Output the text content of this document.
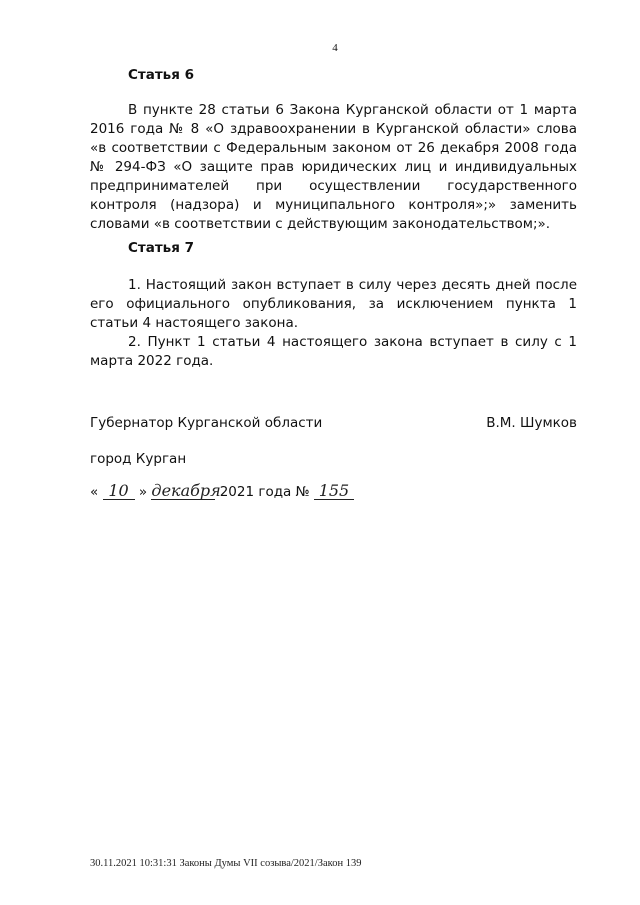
4
Статья 6
В пункте 28 статьи 6 Закона Курганской области от 1 марта 2016 года № 8 «О здравоохранении в Курганской области» слова «в соответствии с Федеральным законом от 26 декабря 2008 года № 294-ФЗ «О защите прав юридических лиц и индивидуальных предпринимателей при осуществлении государственного контроля (надзора) и муниципального контроля»;» заменить словами «в соответствии с действующим законодательством;».
Статья 7
1. Настоящий закон вступает в силу через десять дней после его официального опубликования, за исключением пункта 1 статьи 4 настоящего закона.
2. Пункт 1 статьи 4 настоящего закона вступает в силу с 1 марта 2022 года.
Губернатор Курганской области	В.М. Шумков
город Курган
« 10 » декабря 2021 года № 155
30.11.2021 10:31:31 Законы Думы VII созыва/2021/Закон 139
